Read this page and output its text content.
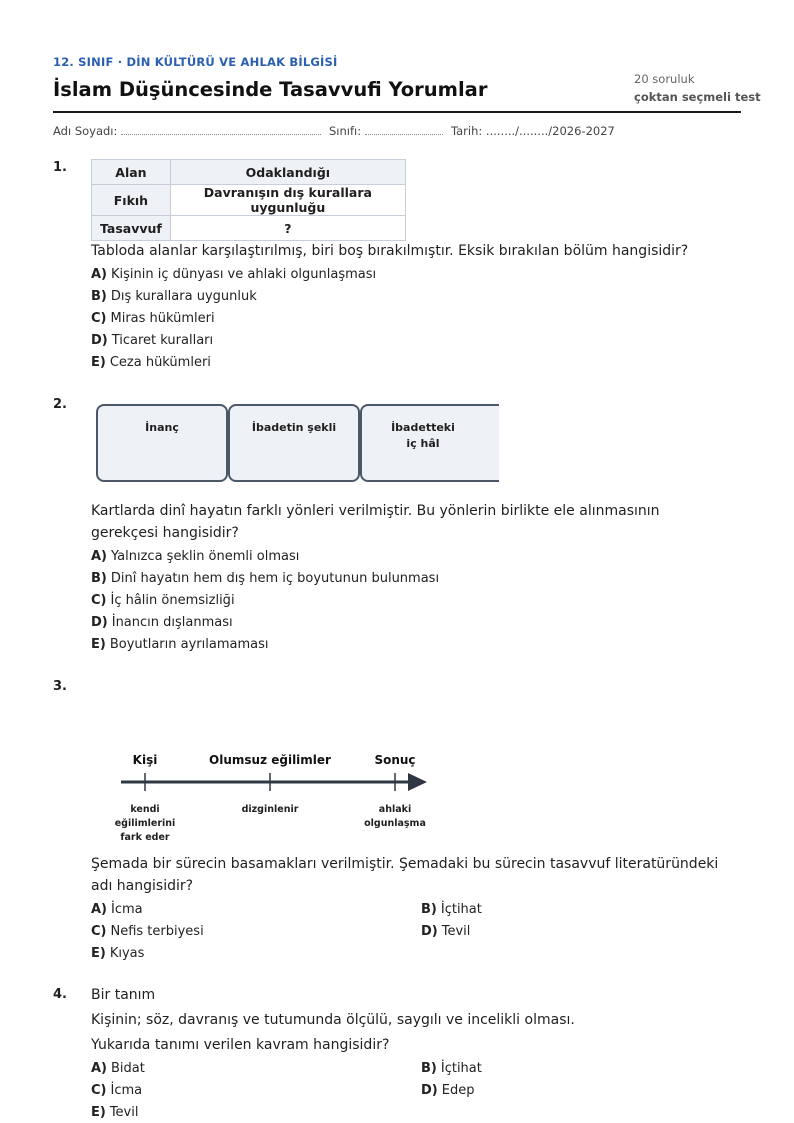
12. SINIF · DİN KÜLTÜRÜ VE AHLAK BİLGİSİ
İslam Düşüncesinde Tasavvufi Yorumlar	20 soruluk
çoktan seçmeli test
Adı Soyadı:	Sınıfı:	Tarih: ......../......../2026-2027
1.	Alan	Odaklandığı
Fıkıh	Davranışın dış kurallara uygunluğu
Tasavvuf	?
Tabloda alanlar karşılaştırılmış, biri boş bırakılmıştır. Eksik bırakılan bölüm hangisidir?
A) Kişinin iç dünyası ve ahlaki olgunlaşması
B) Dış kurallara uygunluk
C) Miras hükümleri
D) Ticaret kuralları
E) Ceza hükümleri
2.
İnanç	İbadetin şekli	İbadetteki iç hâl
Kartlarda dinî hayatın farklı yönleri verilmiştir. Bu yönlerin birlikte ele alınmasının gerekçesi hangisidir?
A) Yalnızca şeklin önemli olması
B) Dinî hayatın hem dış hem iç boyutunun bulunması
C) İç hâlin önemsizliği
D) İnancın dışlanması
E) Boyutların ayrılamaması
3.
Kişi	Olumsuz eğilimler	Sonuç
kendi eğilimlerini fark eder
dizginlenir	ahlaki olgunlaşma
Şemada bir sürecin basamakları verilmiştir. Şemadaki bu sürecin tasavvuf literatüründeki adı hangisidir?
A) İcma	B) İçtihat
C) Nefis terbiyesi	D) Tevil
E) Kıyas
4. Bir tanım
Kişinin; söz, davranış ve tutumunda ölçülü, saygılı ve incelikli olması.
Yukarıda tanımı verilen kavram hangisidir?
A) Bidat	B) İçtihat
C) İcma	D) Edep
E) Tevil
